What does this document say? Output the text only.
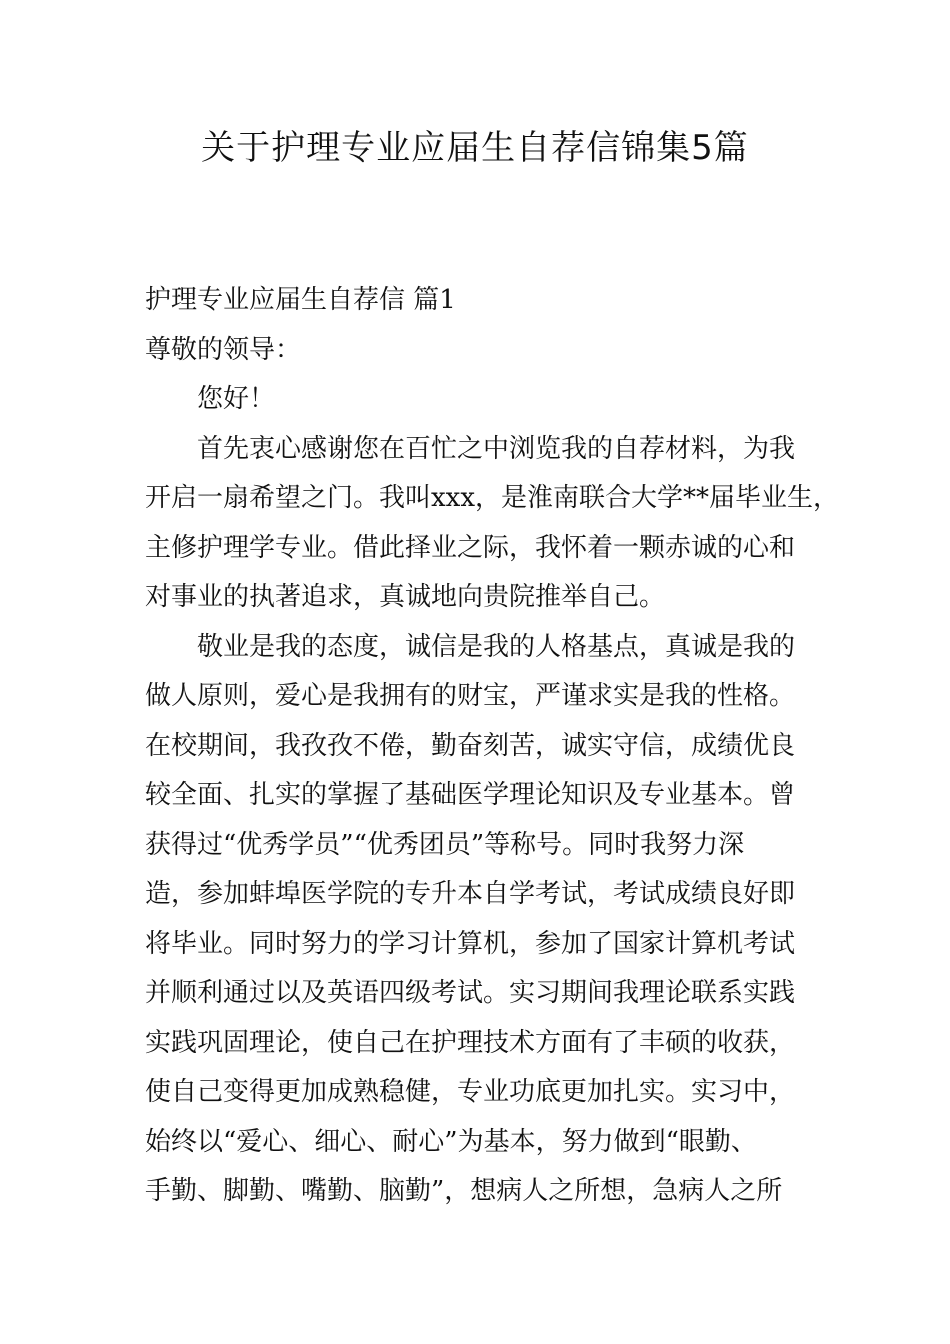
关于护理专业应届生自荐信锦集5篇
护理专业应届生自荐信 篇1
尊敬的领导：
您好！
首先衷心感谢您在百忙之中浏览我的自荐材料，为我
开启一扇希望之门。我叫xxx，是淮南联合大学**届毕业生，
主修护理学专业。借此择业之际，我怀着一颗赤诚的心和
对事业的执著追求，真诚地向贵院推举自己。
敬业是我的态度，诚信是我的人格基点，真诚是我的
做人原则，爱心是我拥有的财宝，严谨求实是我的性格。
在校期间，我孜孜不倦，勤奋刻苦，诚实守信，成绩优良
较全面、扎实的掌握了基础医学理论知识及专业基本。曾
获得过“优秀学员”“优秀团员”等称号。同时我努力深
造，参加蚌埠医学院的专升本自学考试，考试成绩良好即
将毕业。同时努力的学习计算机，参加了国家计算机考试
并顺利通过以及英语四级考试。实习期间我理论联系实践
实践巩固理论，使自己在护理技术方面有了丰硕的收获，
使自己变得更加成熟稳健，专业功底更加扎实。实习中，
始终以“爱心、细心、耐心”为基本，努力做到“眼勤、
手勤、脚勤、嘴勤、脑勤”，想病人之所想，急病人之所
